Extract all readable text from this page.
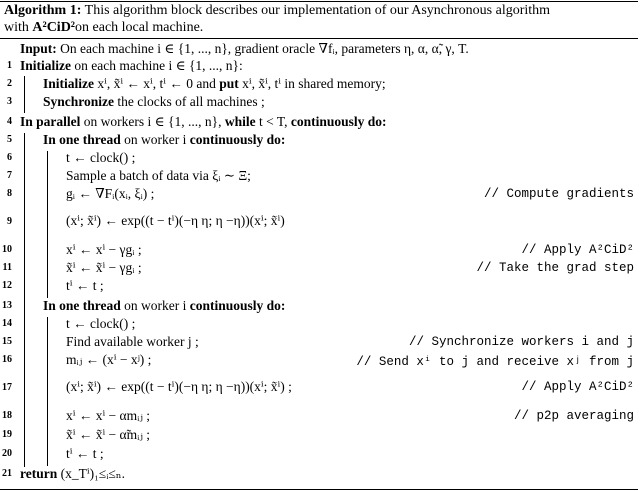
Algorithm 1: This algorithm block describes our implementation of our Asynchronous algorithm
with A²CiD²on each local machine.
Input: On each machine i ∈ {1, ..., n}, gradient oracle ∇fᵢ, parameters η, α, α̃, γ, T.
1 Initialize on each machine i ∈ {1, ..., n}:
2 Initialize xⁱ, x̃ⁱ ← xⁱ, tⁱ ← 0 and put xⁱ, x̃ⁱ, tⁱ in shared memory;
3 Synchronize the clocks of all machines ;
4 In parallel on workers i ∈ {1, ..., n}, while t < T, continuously do:
5 In one thread on worker i continuously do:
6	t ← clock() ;
7	Sample a batch of data via ξᵢ ∼ Ξ;
8	gᵢ ← ∇Fᵢ(xᵢ, ξᵢ) ;	// Compute gradients
9	(xⁱ; x̃ⁱ) ← exp((t − tⁱ)(−η η; η −η))(xⁱ; x̃ⁱ)
10	xⁱ ← xⁱ − γgᵢ ;	// Apply A²CiD²
11	x̃ⁱ ← x̃ⁱ − γgᵢ ;	// Take the grad step
12	tⁱ ← t ;
13 In one thread on worker i continuously do:
14	t ← clock() ;
15	Find available worker j ;	// Synchronize workers i and j
16	mᵢⱼ ← (xⁱ − xʲ) ;	// Send xⁱ to j and receive xʲ from j
17	(xⁱ; x̃ⁱ) ← exp((t − tⁱ)(−η η; η −η))(xⁱ; x̃ⁱ) ;	// Apply A²CiD²
18	xⁱ ← xⁱ − αmᵢⱼ ;	// p2p averaging
19	x̃ⁱ ← x̃ⁱ − α̃mᵢⱼ ;
20	tⁱ ← t ;
21 return (x_Tⁱ)₁≤ᵢ≤ₙ.
